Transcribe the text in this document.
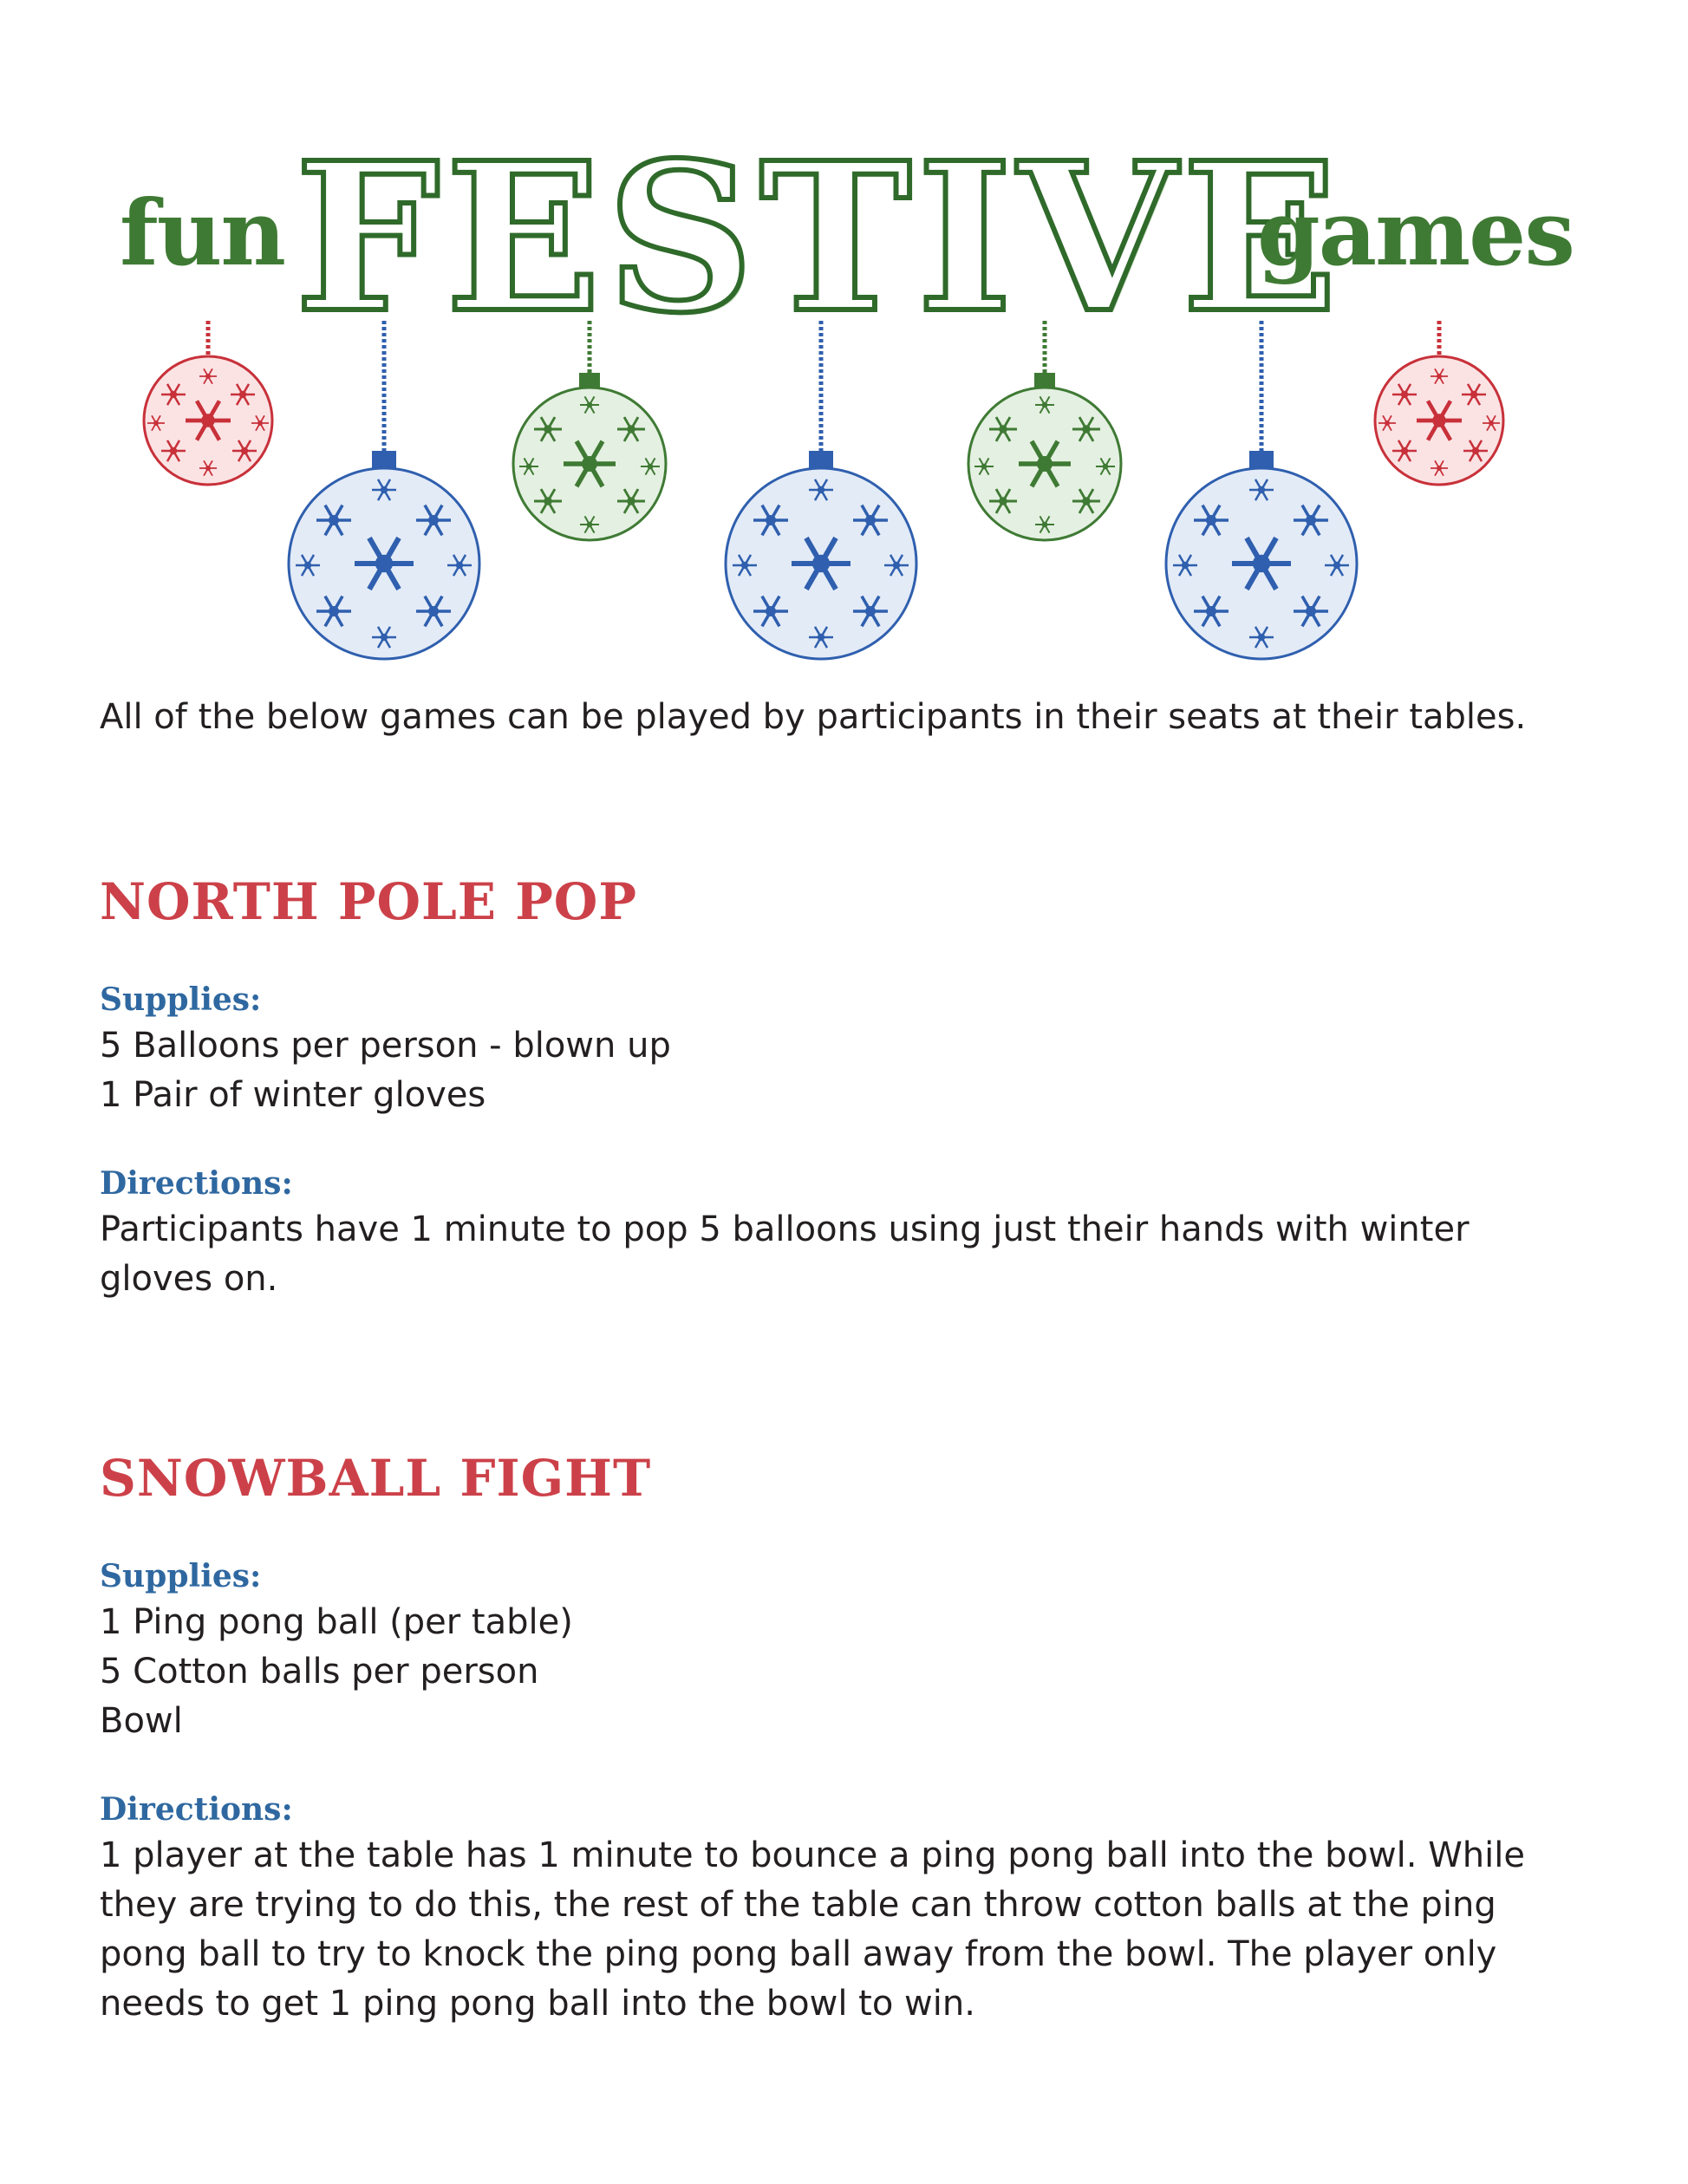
fun FESTIVE
games
All of the below games can be played by participants in their seats at their tables.
NORTH POLE POP
Supplies:
5 Balloons per person - blown up
1 Pair of winter gloves
Directions:
Participants have 1 minute to pop 5 balloons using just their hands with winter gloves on.
SNOWBALL FIGHT
Supplies:
1 Ping pong ball (per table)
5 Cotton balls per person
Bowl
Directions:
1 player at the table has 1 minute to bounce a ping pong ball into the bowl. While they are trying to do this, the rest of the table can throw cotton balls at the ping pong ball to try to knock the ping pong ball away from the bowl. The player only needs to get 1 ping pong ball into the bowl to win.
